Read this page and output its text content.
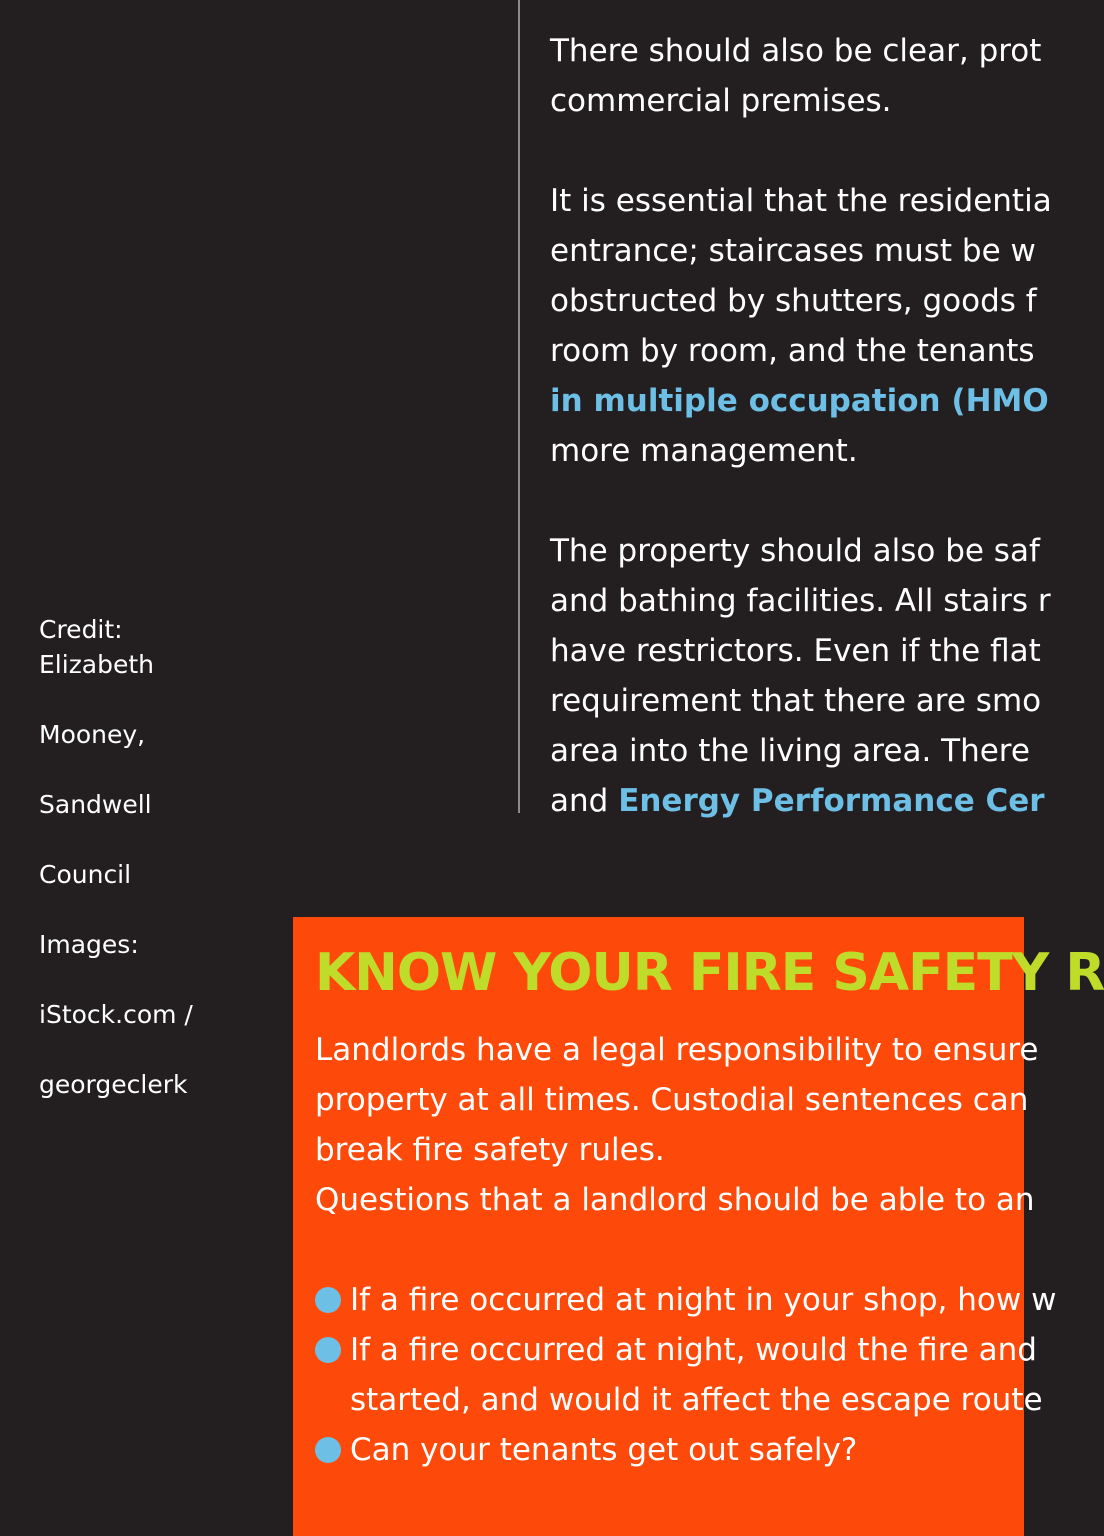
Credit: Elizabeth

Mooney,

Sandwell

Council

Images:

iStock.com /

georgeclerk

There should also be clear, prot
commercial premises.
It is essential that the residentia
entrance; staircases must be w
obstructed by shutters, goods f
room by room, and the tenants
in multiple occupation (HMO
more management.
The property should also be saf
and bathing facilities. All stairs r
have restrictors. Even if the flat
requirement that there are smo
area into the living area. There
and Energy Performance Cer
KNOW YOUR FIRE SAFETY R
Landlords have a legal responsibility to ensure
property at all times. Custodial sentences can
break fire safety rules.
Questions that a landlord should be able to an
If a fire occurred at night in your shop, how w
If a fire occurred at night, would the fire and
started, and would it affect the escape route
Can your tenants get out safely?
